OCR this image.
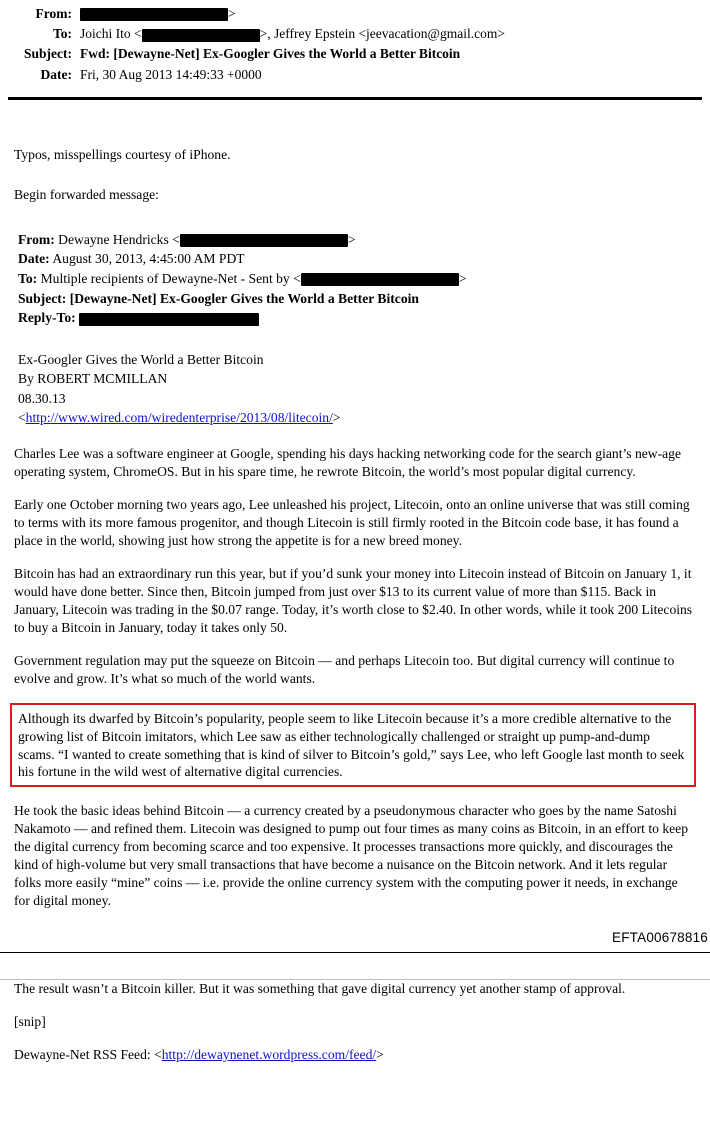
From:	>
To: Joichi Ito <	>, Jeffrey Epstein <jeevacation@gmail.com>
Subject: Fwd: [Dewayne-Net] Ex-Googler Gives the World a Better Bitcoin
Date: Fri, 30 Aug 2013 14:49:33 +0000

Typos, misspellings courtesy of iPhone.

Begin forwarded message:

From: Dewayne Hendricks <	>
Date: August 30, 2013, 4:45:00 AM PDT
To: Multiple recipients of Dewayne-Net - Sent by <	>
Subject: [Dewayne-Net] Ex-Googler Gives the World a Better Bitcoin
Reply-To:
Ex-Googler Gives the World a Better Bitcoin
By ROBERT MCMILLAN
08.30.13
<http://www.wired.com/wiredenterprise/2013/08/litecoin/>

Charles Lee was a software engineer at Google, spending his days hacking networking code for the search giant’s new-age operating system, ChromeOS. But in his spare time, he rewrote Bitcoin, the world’s most popular digital currency.

Early one October morning two years ago, Lee unleashed his project, Litecoin, onto an online universe that was still coming to terms with its more famous progenitor, and though Litecoin is still firmly rooted in the Bitcoin code base, it has found a place in the world, showing just how strong the appetite is for a new breed money.

Bitcoin has had an extraordinary run this year, but if you’d sunk your money into Litecoin instead of Bitcoin on January 1, it would have done better. Since then, Bitcoin jumped from just over $13 to its current value of more than $115. Back in January, Litecoin was trading in the $0.07 range. Today, it’s worth close to $2.40. In other words, while it took 200 Litecoins to buy a Bitcoin in January, today it takes only 50.

Government regulation may put the squeeze on Bitcoin — and perhaps Litecoin too. But digital currency will continue to evolve and grow. It’s what so much of the world wants.

Although its dwarfed by Bitcoin’s popularity, people seem to like Litecoin because it’s a more credible alternative to the growing list of Bitcoin imitators, which Lee saw as either technologically challenged or straight up pump-and-dump scams. “I wanted to create something that is kind of silver to Bitcoin’s gold,” says Lee, who left Google last month to seek his fortune in the wild west of alternative digital currencies.

He took the basic ideas behind Bitcoin — a currency created by a pseudonymous character who goes by the name Satoshi Nakamoto — and refined them. Litecoin was designed to pump out four times as many coins as Bitcoin, in an effort to keep the digital currency from becoming scarce and too expensive. It processes transactions more quickly, and discourages the kind of high-volume but very small transactions that have become a nuisance on the Bitcoin network. And it lets regular folks more easily “mine” coins — i.e. provide the online currency system with the computing power it needs, in exchange for digital money.

EFTA00678816

The result wasn’t a Bitcoin killer. But it was something that gave digital currency yet another stamp of approval.

[snip]

Dewayne-Net RSS Feed: <http://dewaynenet.wordpress.com/feed/>
